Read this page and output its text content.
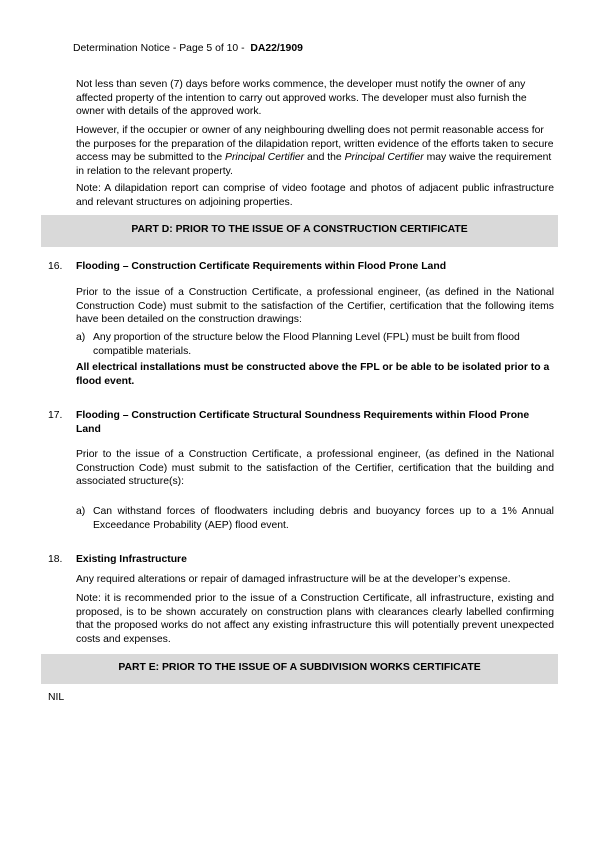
Determination Notice - Page 5 of 10 - DA22/1909

Not less than seven (7) days before works commence, the developer must notify the owner of any affected property of the intention to carry out approved works. The developer must also furnish the owner with details of the approved work.

However, if the occupier or owner of any neighbouring dwelling does not permit reasonable access for the purposes for the preparation of the dilapidation report, written evidence of the efforts taken to secure access may be submitted to the Principal Certifier and the Principal Certifier may waive the requirement in relation to the relevant property.

Note: A dilapidation report can comprise of video footage and photos of adjacent public infrastructure and relevant structures on adjoining properties.

PART D: PRIOR TO THE ISSUE OF A CONSTRUCTION CERTIFICATE
16. Flooding – Construction Certificate Requirements within Flood Prone Land

Prior to the issue of a Construction Certificate, a professional engineer, (as defined in the National Construction Code) must submit to the satisfaction of the Certifier, certification that the following items have been detailed on the construction drawings:

a) Any proportion of the structure below the Flood Planning Level (FPL) must be built from flood compatible materials.

All electrical installations must be constructed above the FPL or be able to be isolated prior to a flood event.

17. Flooding – Construction Certificate Structural Soundness Requirements within Flood Prone Land

Prior to the issue of a Construction Certificate, a professional engineer, (as defined in the National Construction Code) must submit to the satisfaction of the Certifier, certification that the building and associated structure(s):

a) Can withstand forces of floodwaters including debris and buoyancy forces up to a 1% Annual Exceedance Probability (AEP) flood event.
18. Existing Infrastructure

Any required alterations or repair of damaged infrastructure will be at the developer’s expense.

Note: it is recommended prior to the issue of a Construction Certificate, all infrastructure, existing and proposed, is to be shown accurately on construction plans with clearances clearly labelled confirming that the proposed works do not affect any existing infrastructure this will potentially prevent unexpected costs and expenses.

PART E: PRIOR TO THE ISSUE OF A SUBDIVISION WORKS CERTIFICATE
NIL
